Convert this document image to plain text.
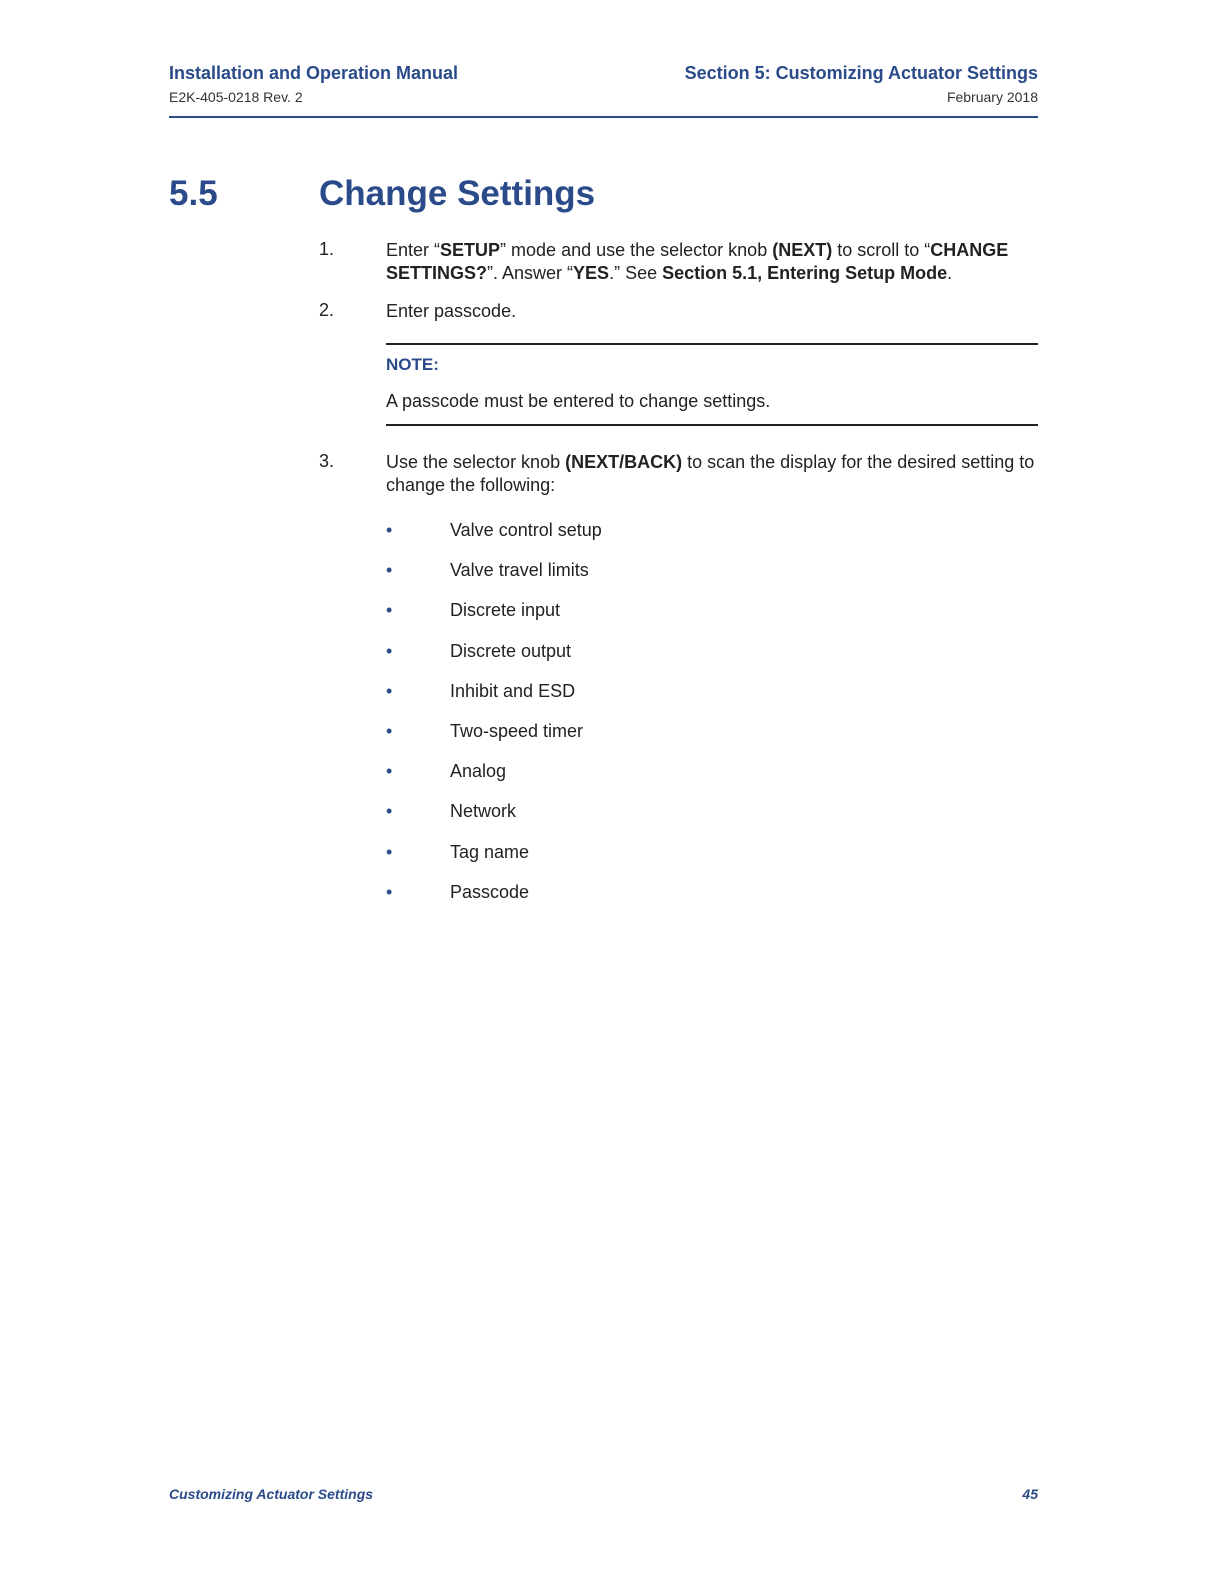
Installation and Operation Manual
E2K-405-0218 Rev. 2
Section 5: Customizing Actuator Settings
February 2018
5.5	Change Settings
1.	Enter “SETUP” mode and use the selector knob (NEXT) to scroll to “CHANGE SETTINGS?”. Answer “YES.” See Section 5.1, Entering Setup Mode.
2.	Enter passcode.
NOTE:
A passcode must be entered to change settings.
3.	Use the selector knob (NEXT/BACK) to scan the display for the desired setting to change the following:
•	Valve control setup
•	Valve travel limits
•	Discrete input
•	Discrete output
•	Inhibit and ESD
•	Two-speed timer
•	Analog
•	Network
•	Tag name
•	Passcode
Customizing Actuator Settings	45
